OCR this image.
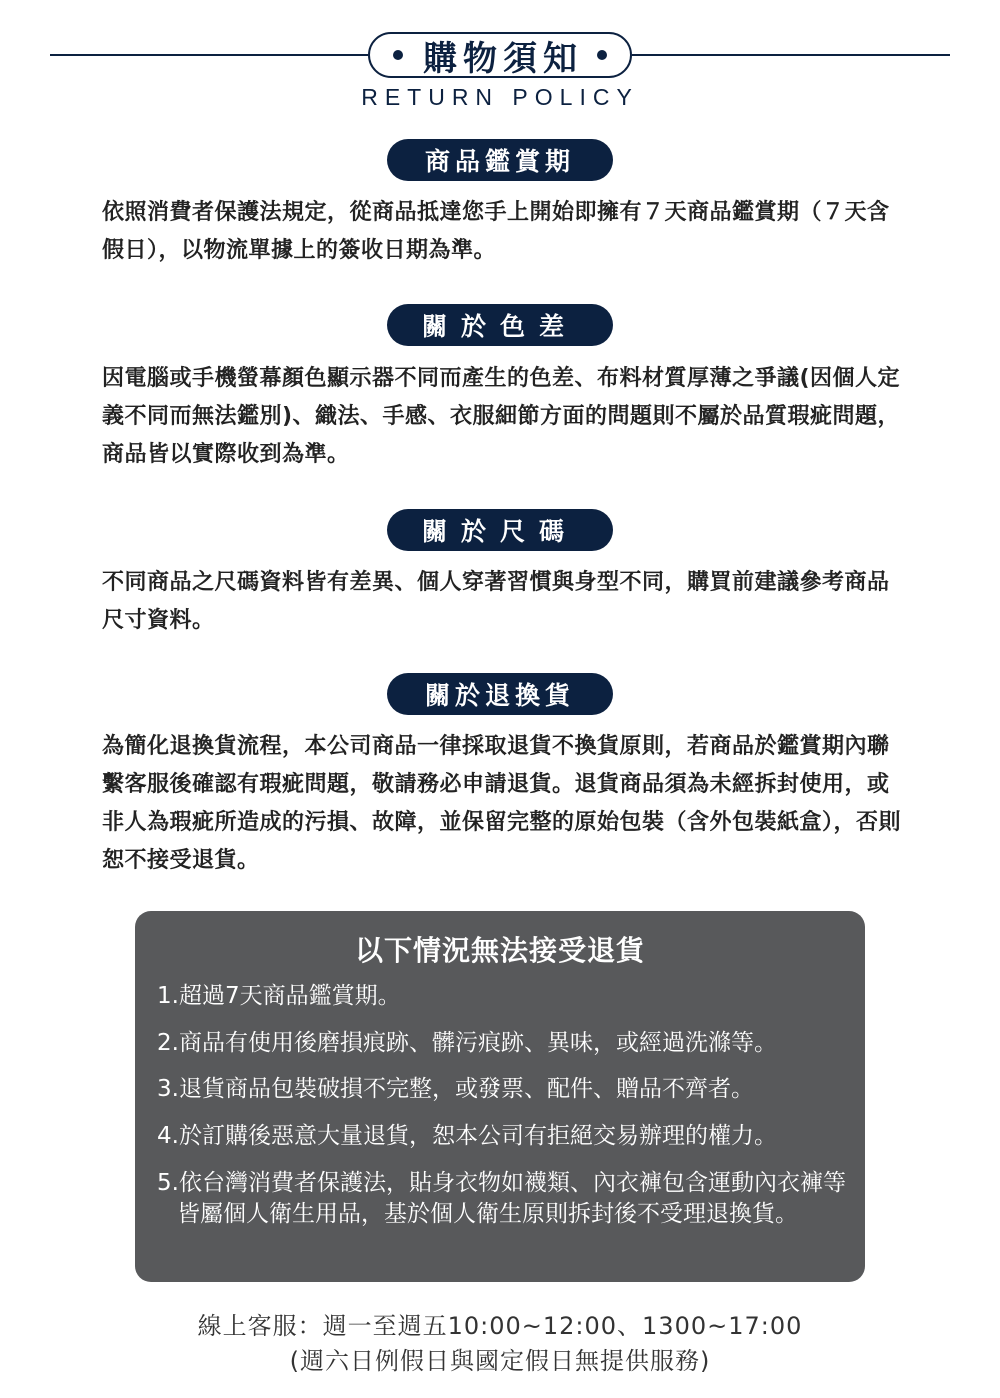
購物須知
RETURN POLICY
商品鑑賞期
依照消費者保護法規定，從商品抵達您手上開始即擁有７天商品鑑賞期（７天含假日），以物流單據上的簽收日期為準。
關於色差
因電腦或手機螢幕顏色顯示器不同而產生的色差、布料材質厚薄之爭議(因個人定義不同而無法鑑別)、織法、手感、衣服細節方面的問題則不屬於品質瑕疵問題，商品皆以實際收到為準。
關於尺碼
不同商品之尺碼資料皆有差異、個人穿著習慣與身型不同，購買前建議參考商品尺寸資料。
關於退換貨
為簡化退換貨流程，本公司商品一律採取退貨不換貨原則，若商品於鑑賞期內聯繫客服後確認有瑕疵問題，敬請務必申請退貨。退貨商品須為未經拆封使用，或非人為瑕疵所造成的污損、故障，並保留完整的原始包裝（含外包裝紙盒），否則恕不接受退貨。
以下情況無法接受退貨
1.超過7天商品鑑賞期。
2.商品有使用後磨損痕跡、髒污痕跡、異味，或經過洗滌等。
3.退貨商品包裝破損不完整，或發票、配件、贈品不齊者。
4.於訂購後惡意大量退貨，恕本公司有拒絕交易辦理的權力。
5.依台灣消費者保護法，貼身衣物如襪類、內衣褲包含運動內衣褲等皆屬個人衛生用品，基於個人衛生原則拆封後不受理退換貨。
線上客服：週一至週五10:00~12:00、1300~17:00
(週六日例假日與國定假日無提供服務)
